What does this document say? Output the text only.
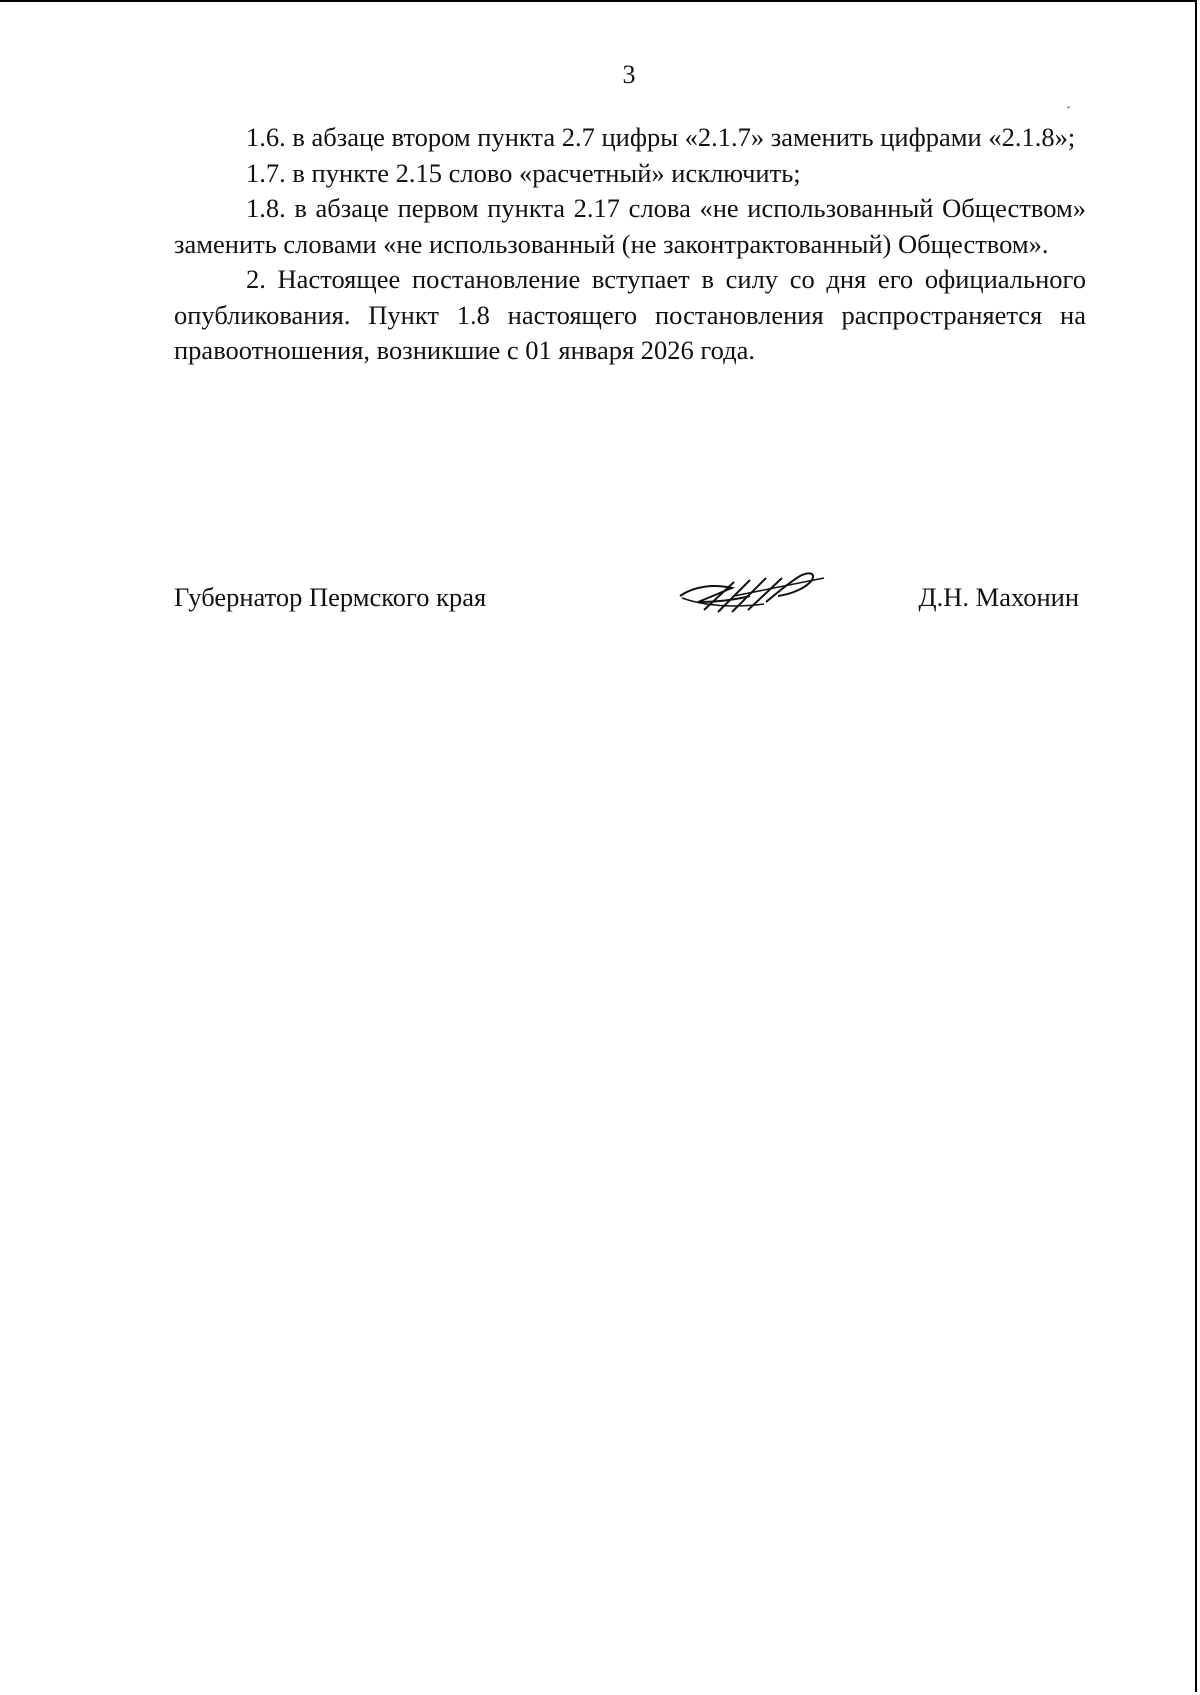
3
´

1.6. в абзаце втором пункта 2.7 цифры «2.1.7» заменить цифрами «2.1.8»;

1.7. в пункте 2.15 слово «расчетный» исключить;

1.8. в абзаце первом пункта 2.17 слова «не использованный Обществом» заменить словами «не использованный (не законтрактованный) Обществом».

2. Настоящее постановление вступает в силу со дня его официального опубликования. Пункт 1.8 настоящего постановления распространяется на правоотношения, возникшие с 01 января 2026 года.

Губернатор Пермского края	Д.Н. Махонин
